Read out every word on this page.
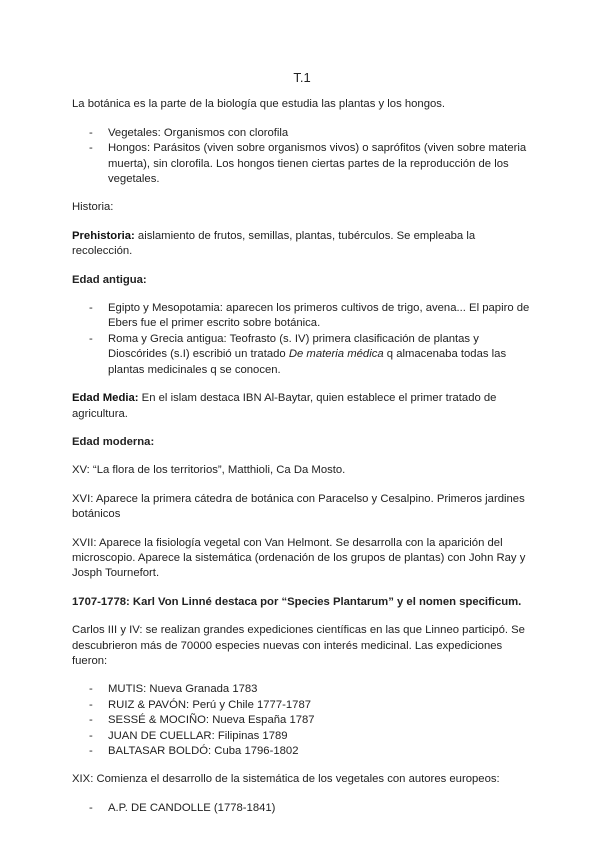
T.1

La botánica es la parte de la biología que estudia las plantas y los hongos.

- Vegetales: Organismos con clorofila
- Hongos: Parásitos (viven sobre organismos vivos) o saprófitos (viven sobre materia muerta), sin clorofila. Los hongos tienen ciertas partes de la reproducción de los vegetales.

Historia:

Prehistoria: aislamiento de frutos, semillas, plantas, tubérculos. Se empleaba la recolección.

Edad antigua:
- Egipto y Mesopotamia: aparecen los primeros cultivos de trigo, avena... El papiro de Ebers fue el primer escrito sobre botánica.
- Roma y Grecia antigua: Teofrasto (s. IV) primera clasificación de plantas y Dioscórides (s.I) escribió un tratado De materia médica q almacenaba todas las plantas medicinales q se conocen.

Edad Media: En el islam destaca IBN Al-Baytar, quien establece el primer tratado de agricultura.

Edad moderna:

XV: “La flora de los territorios”, Matthioli, Ca Da Mosto.

XVI: Aparece la primera cátedra de botánica con Paracelso y Cesalpino. Primeros jardines botánicos

XVII: Aparece la fisiología vegetal con Van Helmont. Se desarrolla con la aparición del microscopio. Aparece la sistemática (ordenación de los grupos de plantas) con John Ray y Josph Tournefort.

1707-1778: Karl Von Linné destaca por “Species Plantarum” y el nomen specificum.

Carlos III y IV: se realizan grandes expediciones científicas en las que Linneo participó. Se descubrieron más de 70000 especies nuevas con interés medicinal. Las expediciones fueron:

- MUTIS: Nueva Granada 1783
- RUIZ & PAVÓN: Perú y Chile 1777-1787
- SESSÉ & MOCIÑO: Nueva España 1787
- JUAN DE CUELLAR: Filipinas 1789
- BALTASAR BOLDÓ: Cuba 1796-1802

XIX: Comienza el desarrollo de la sistemática de los vegetales con autores europeos:

- A.P. DE CANDOLLE (1778-1841)
